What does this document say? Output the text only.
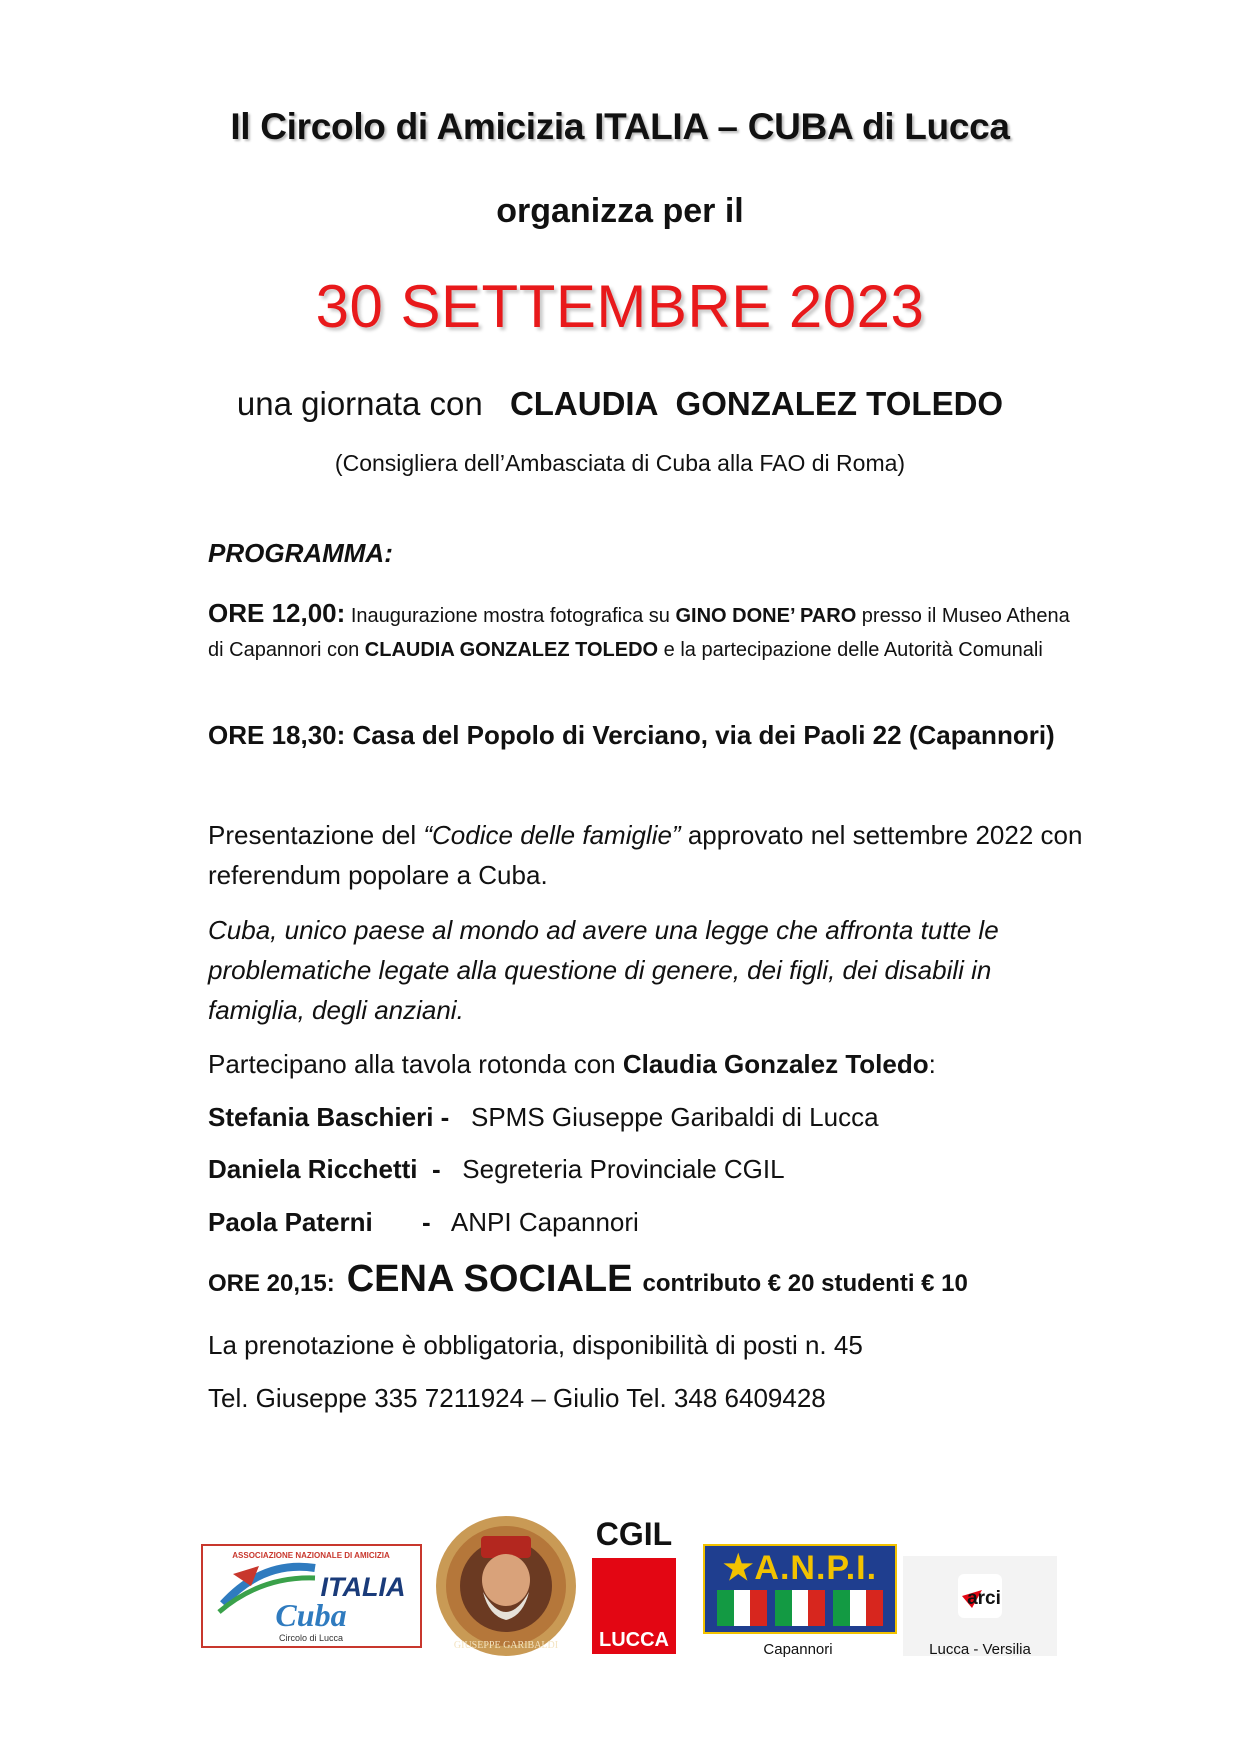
Il Circolo di Amicizia ITALIA – CUBA di Lucca
organizza per il
30 SETTEMBRE 2023
una giornata con CLAUDIA  GONZALEZ TOLEDO
(Consigliera dell’Ambasciata di Cuba alla FAO di Roma)
PROGRAMMA:
ORE 12,00: Inaugurazione mostra fotografica su GINO DONE’ PARO presso il Museo Athena di Capannori con CLAUDIA GONZALEZ TOLEDO e la partecipazione delle Autorità Comunali
ORE 18,30: Casa del Popolo di Verciano, via dei Paoli 22 (Capannori)
Presentazione del “Codice delle famiglie” approvato nel settembre 2022 con referendum popolare a Cuba.
Cuba, unico paese al mondo ad avere una legge che affronta tutte le problematiche legate alla questione di genere, dei figli, dei disabili in famiglia, degli anziani.
Partecipano alla tavola rotonda con Claudia Gonzalez Toledo:
Stefania Baschieri - SPMS Giuseppe Garibaldi di Lucca
Daniela Ricchetti  - Segreteria Provinciale CGIL
Paola Paterni - ANPI Capannori
ORE 20,15: CENA SOCIALE contributo € 20 studenti € 10
La prenotazione è obbligatoria, disponibilità di posti n. 45
Tel. Giuseppe 335 7211924 – Giulio Tel. 348 6409428
ASSOCIAZIONE NAZIONALE DI AMICIZIA
ITALIA
Cuba
Circolo di Lucca
GIUSEPPE GARIBALDI
CGIL
LUCCA
★A.N.P.I.
Capannori
arci
Lucca - Versilia
